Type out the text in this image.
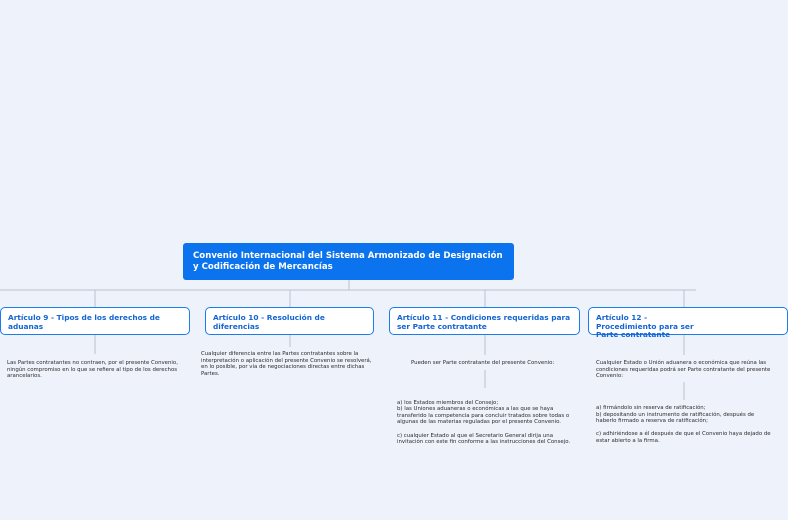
Convenio Internacional del Sistema Armonizado de Designación y Codificación de Mercancías
Artículo 9 - Tipos de los derechos de aduanas
Artículo 10 - Resolución de diferencias
Artículo 11 - Condiciones requeridas para ser Parte contratante
Artículo 12 - Procedimiento para ser Parte contratante
Las Partes contratantes no contraen, por el presente Convenio, ningún compromiso en lo que se refiere al tipo de los derechos arancelarios.
Cualquier diferencia entre las Partes contratantes sobre la interpretación o aplicación del presente Convenio se resolverá, en lo posible, por vía de negociaciones directas entre dichas Partes.
Pueden ser Parte contratante del presente Convenio:

a) los Estados miembros del Consejo;
b) las Uniones aduaneras o económicas a las que se haya transferido la competencia para concluir tratados sobre todas o algunas de las materias reguladas por el presente Convenio.

c) cualquier Estado al que el Secretario General dirija una invitación con este fin conforme a las instrucciones del Consejo.

Cualquier Estado o Unión aduanera o económica que reúna las condiciones requeridas podrá ser Parte contratante del presente Convenio:
a) firmándolo sin reserva de ratificación;
b) depositando un instrumento de ratificación, después de haberlo firmado a reserva de ratificación;

c) adhiriéndose a él después de que el Convenio haya dejado de estar abierto a la firma.
